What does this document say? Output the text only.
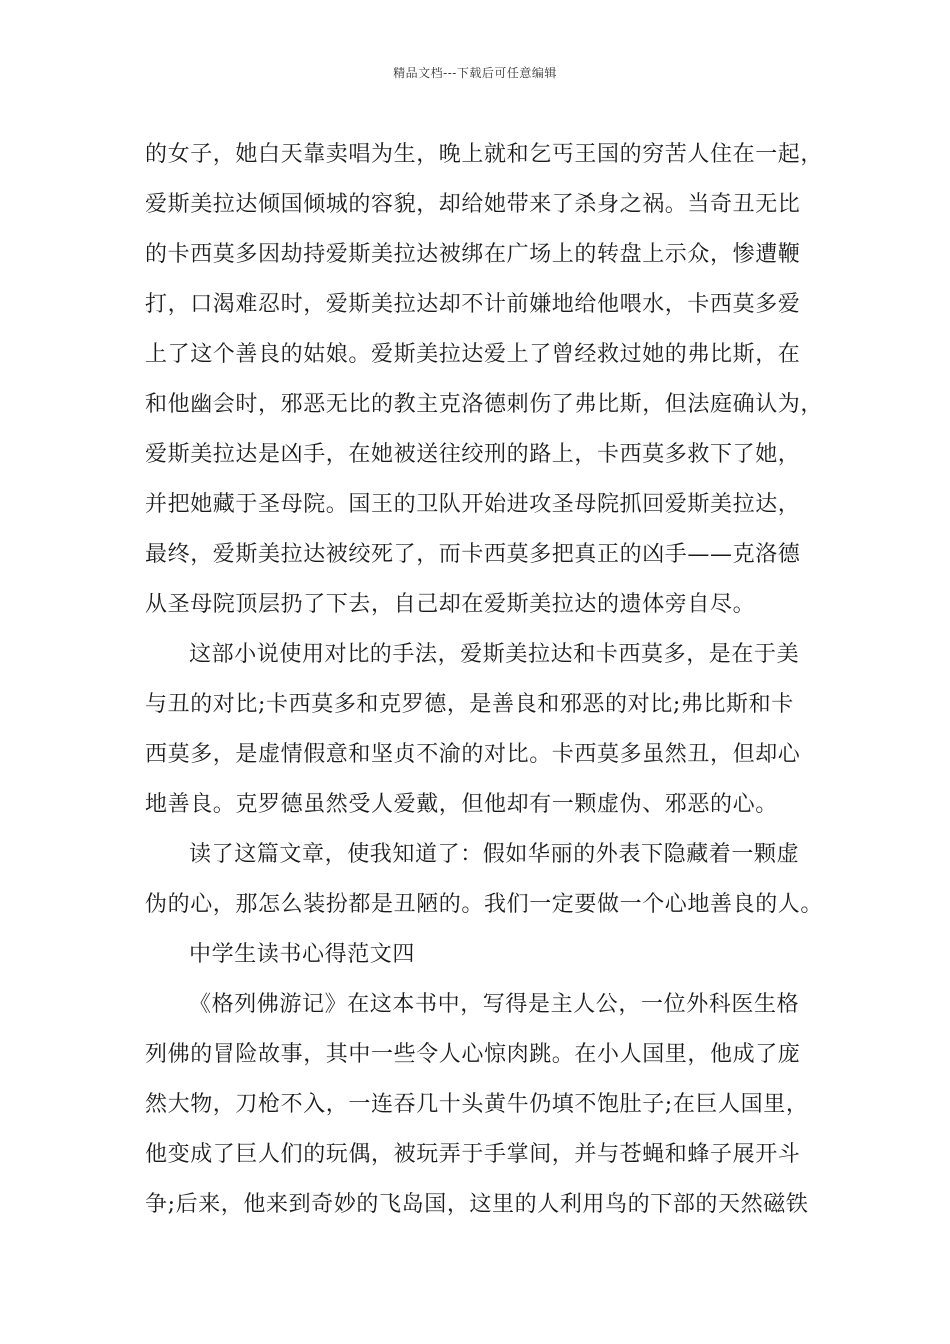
精品文档---下载后可任意编辑
的女子，她白天靠卖唱为生，晚上就和乞丐王国的穷苦人住在一起，
爱斯美拉达倾国倾城的容貌，却给她带来了杀身之祸。当奇丑无比
的卡西莫多因劫持爱斯美拉达被绑在广场上的转盘上示众，惨遭鞭
打，口渴难忍时，爱斯美拉达却不计前嫌地给他喂水，卡西莫多爱
上了这个善良的姑娘。爱斯美拉达爱上了曾经救过她的弗比斯，在
和他幽会时，邪恶无比的教主克洛德刺伤了弗比斯，但法庭确认为，
爱斯美拉达是凶手，在她被送往绞刑的路上，卡西莫多救下了她，
并把她藏于圣母院。国王的卫队开始进攻圣母院抓回爱斯美拉达，
最终，爱斯美拉达被绞死了，而卡西莫多把真正的凶手——克洛德
从圣母院顶层扔了下去，自己却在爱斯美拉达的遗体旁自尽。
这部小说使用对比的手法，爱斯美拉达和卡西莫多，是在于美
与丑的对比;卡西莫多和克罗德，是善良和邪恶的对比;弗比斯和卡
西莫多，是虚情假意和坚贞不渝的对比。卡西莫多虽然丑，但却心
地善良。克罗德虽然受人爱戴，但他却有一颗虚伪、邪恶的心。
读了这篇文章，使我知道了：假如华丽的外表下隐藏着一颗虚
伪的心，那怎么装扮都是丑陋的。我们一定要做一个心地善良的人。
中学生读书心得范文四
《格列佛游记》在这本书中，写得是主人公，一位外科医生格
列佛的冒险故事，其中一些令人心惊肉跳。在小人国里，他成了庞
然大物，刀枪不入，一连吞几十头黄牛仍填不饱肚子;在巨人国里，
他变成了巨人们的玩偶，被玩弄于手掌间，并与苍蝇和蜂子展开斗
争;后来，他来到奇妙的飞岛国，这里的人利用鸟的下部的天然磁铁
